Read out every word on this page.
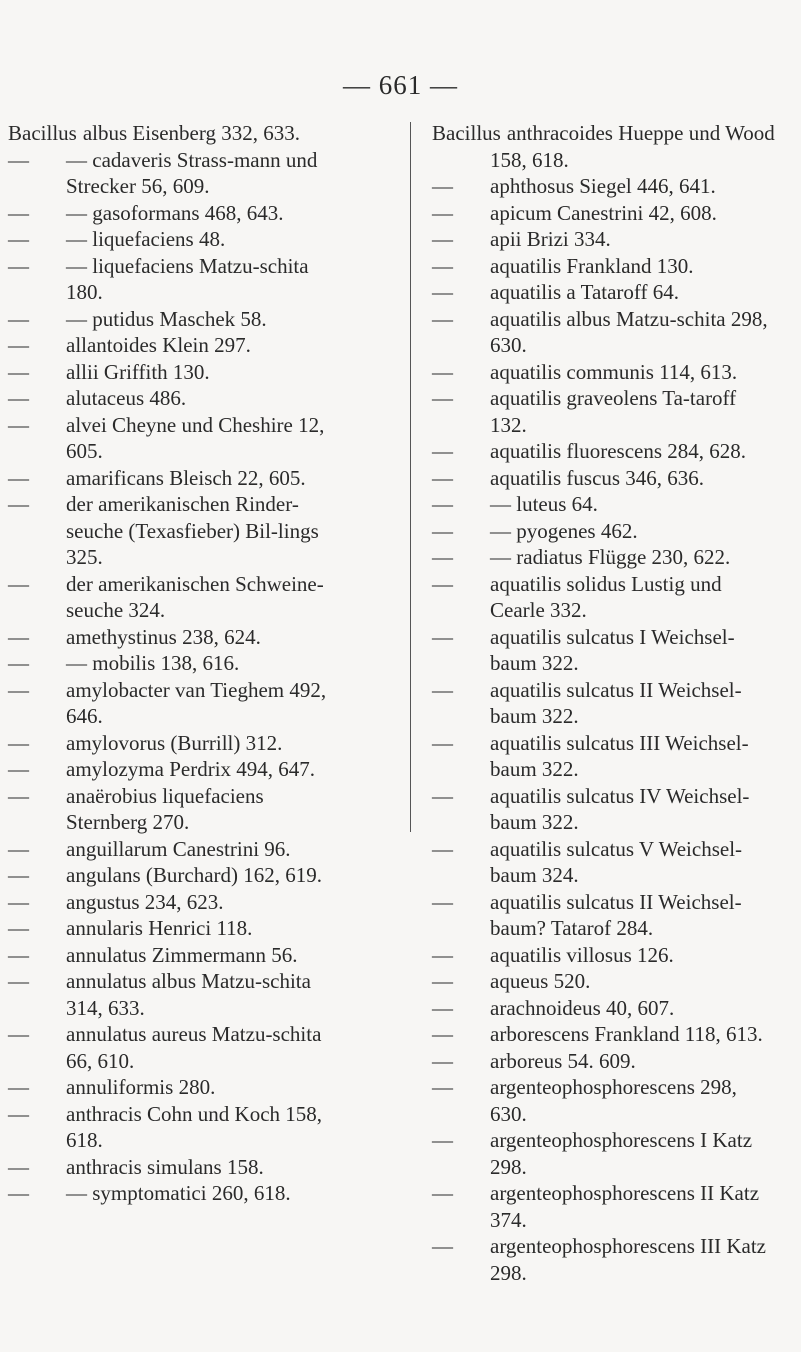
— 661 —

Bacillus albus Eisenberg 332, 633.

— — cadaveris Strass-mann und Strecker 56, 609.

— — gasoformans 468, 643.

— — liquefaciens 48.

— — liquefaciens Matzu-schita 180.

— — putidus Maschek 58.

— allantoides Klein 297.

— allii Griffith 130.

— alutaceus 486.

— alvei Cheyne und Cheshire 12, 605.

— amarificans Bleisch 22, 605.

— der amerikanischen Rinder-seuche (Texasfieber) Bil-lings 325.

— der amerikanischen Schweine-seuche 324.

— amethystinus 238, 624.

— — mobilis 138, 616.

— amylobacter van Tieghem 492, 646.

— amylovorus (Burrill) 312.

— amylozyma Perdrix 494, 647.

— anaërobius liquefaciens Sternberg 270.

— anguillarum Canestrini 96.

— angulans (Burchard) 162, 619.

— angustus 234, 623.

— annularis Henrici 118.

— annulatus Zimmermann 56.

— annulatus albus Matzu-schita 314, 633.

— annulatus aureus Matzu-schita 66, 610.

— annuliformis 280.

— anthracis Cohn und Koch 158, 618.

— anthracis simulans 158.

— — symptomatici 260, 618.

Bacillus anthracoides Hueppe und Wood 158, 618.

— aphthosus Siegel 446, 641.

— apicum Canestrini 42, 608.

— apii Brizi 334.

— aquatilis Frankland 130.

— aquatilis a Tataroff 64.

— aquatilis albus Matzu-schita 298, 630.

— aquatilis communis 114, 613.

— aquatilis graveolens Ta-taroff 132.

— aquatilis fluorescens 284, 628.

— aquatilis fuscus 346, 636.

— — luteus 64.

— — pyogenes 462.

— — radiatus Flügge 230, 622.

— aquatilis solidus Lustig und Cearle 332.

— aquatilis sulcatus I Weichsel-baum 322.

— aquatilis sulcatus II Weichsel-baum 322.

— aquatilis sulcatus III Weichsel-baum 322.

— aquatilis sulcatus IV Weichsel-baum 322.

— aquatilis sulcatus V Weichsel-baum 324.

— aquatilis sulcatus II Weichsel-baum? Tatarof 284.

— aquatilis villosus 126.

— aqueus 520.

— arachnoideus 40, 607.

— arborescens Frankland 118, 613.

— arboreus 54. 609.

— argenteophosphorescens 298, 630.

— argenteophosphorescens I Katz 298.

— argenteophosphorescens II Katz 374.

— argenteophosphorescens III Katz 298.
